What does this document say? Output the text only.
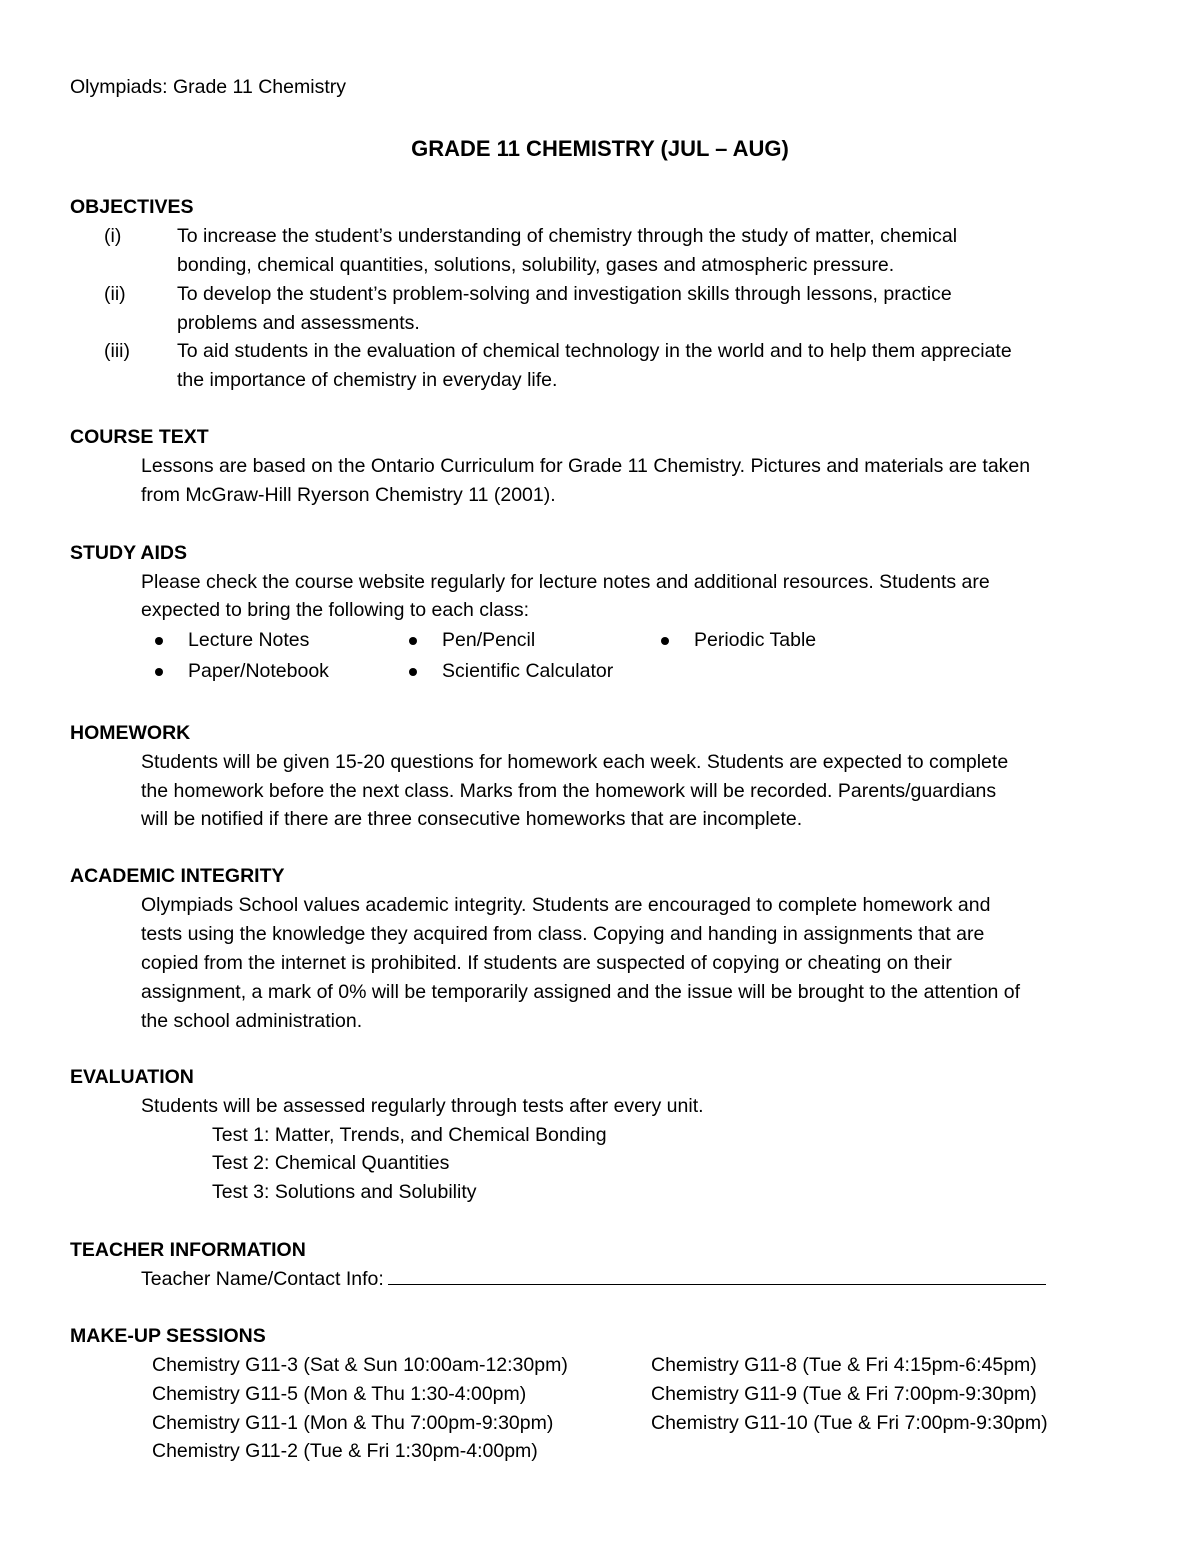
Olympiads: Grade 11 Chemistry
GRADE 11 CHEMISTRY (JUL – AUG)
OBJECTIVES
(i)	To increase the student’s understanding of chemistry through the study of matter, chemical
bonding, chemical quantities, solutions, solubility, gases and atmospheric pressure.
(ii)	To develop the student’s problem-solving and investigation skills through lessons, practice
problems and assessments.
(iii) To aid students in the evaluation of chemical technology in the world and to help them appreciate
the importance of chemistry in everyday life.
COURSE TEXT
Lessons are based on the Ontario Curriculum for Grade 11 Chemistry. Pictures and materials are taken
from McGraw-Hill Ryerson Chemistry 11 (2001).
STUDY AIDS
Please check the course website regularly for lecture notes and additional resources. Students are
expected to bring the following to each class:
Lecture Notes	Pen/Pencil	Periodic Table
Paper/Notebook	Scientific Calculator
HOMEWORK
Students will be given 15-20 questions for homework each week. Students are expected to complete
the homework before the next class. Marks from the homework will be recorded. Parents/guardians
will be notified if there are three consecutive homeworks that are incomplete.
ACADEMIC INTEGRITY
Olympiads School values academic integrity. Students are encouraged to complete homework and
tests using the knowledge they acquired from class. Copying and handing in assignments that are
copied from the internet is prohibited. If students are suspected of copying or cheating on their
assignment, a mark of 0% will be temporarily assigned and the issue will be brought to the attention of
the school administration.
EVALUATION
Students will be assessed regularly through tests after every unit.
Test 1: Matter, Trends, and Chemical Bonding
Test 2: Chemical Quantities
Test 3: Solutions and Solubility
TEACHER INFORMATION
Teacher Name/Contact Info:
MAKE-UP SESSIONS
Chemistry G11-3 (Sat & Sun 10:00am-12:30pm)
Chemistry G11-5 (Mon & Thu 1:30-4:00pm)
Chemistry G11-1 (Mon & Thu 7:00pm-9:30pm)
Chemistry G11-2 (Tue & Fri 1:30pm-4:00pm)
Chemistry G11-8 (Tue & Fri 4:15pm-6:45pm)
Chemistry G11-9 (Tue & Fri 7:00pm-9:30pm)
Chemistry G11-10 (Tue & Fri 7:00pm-9:30pm)
